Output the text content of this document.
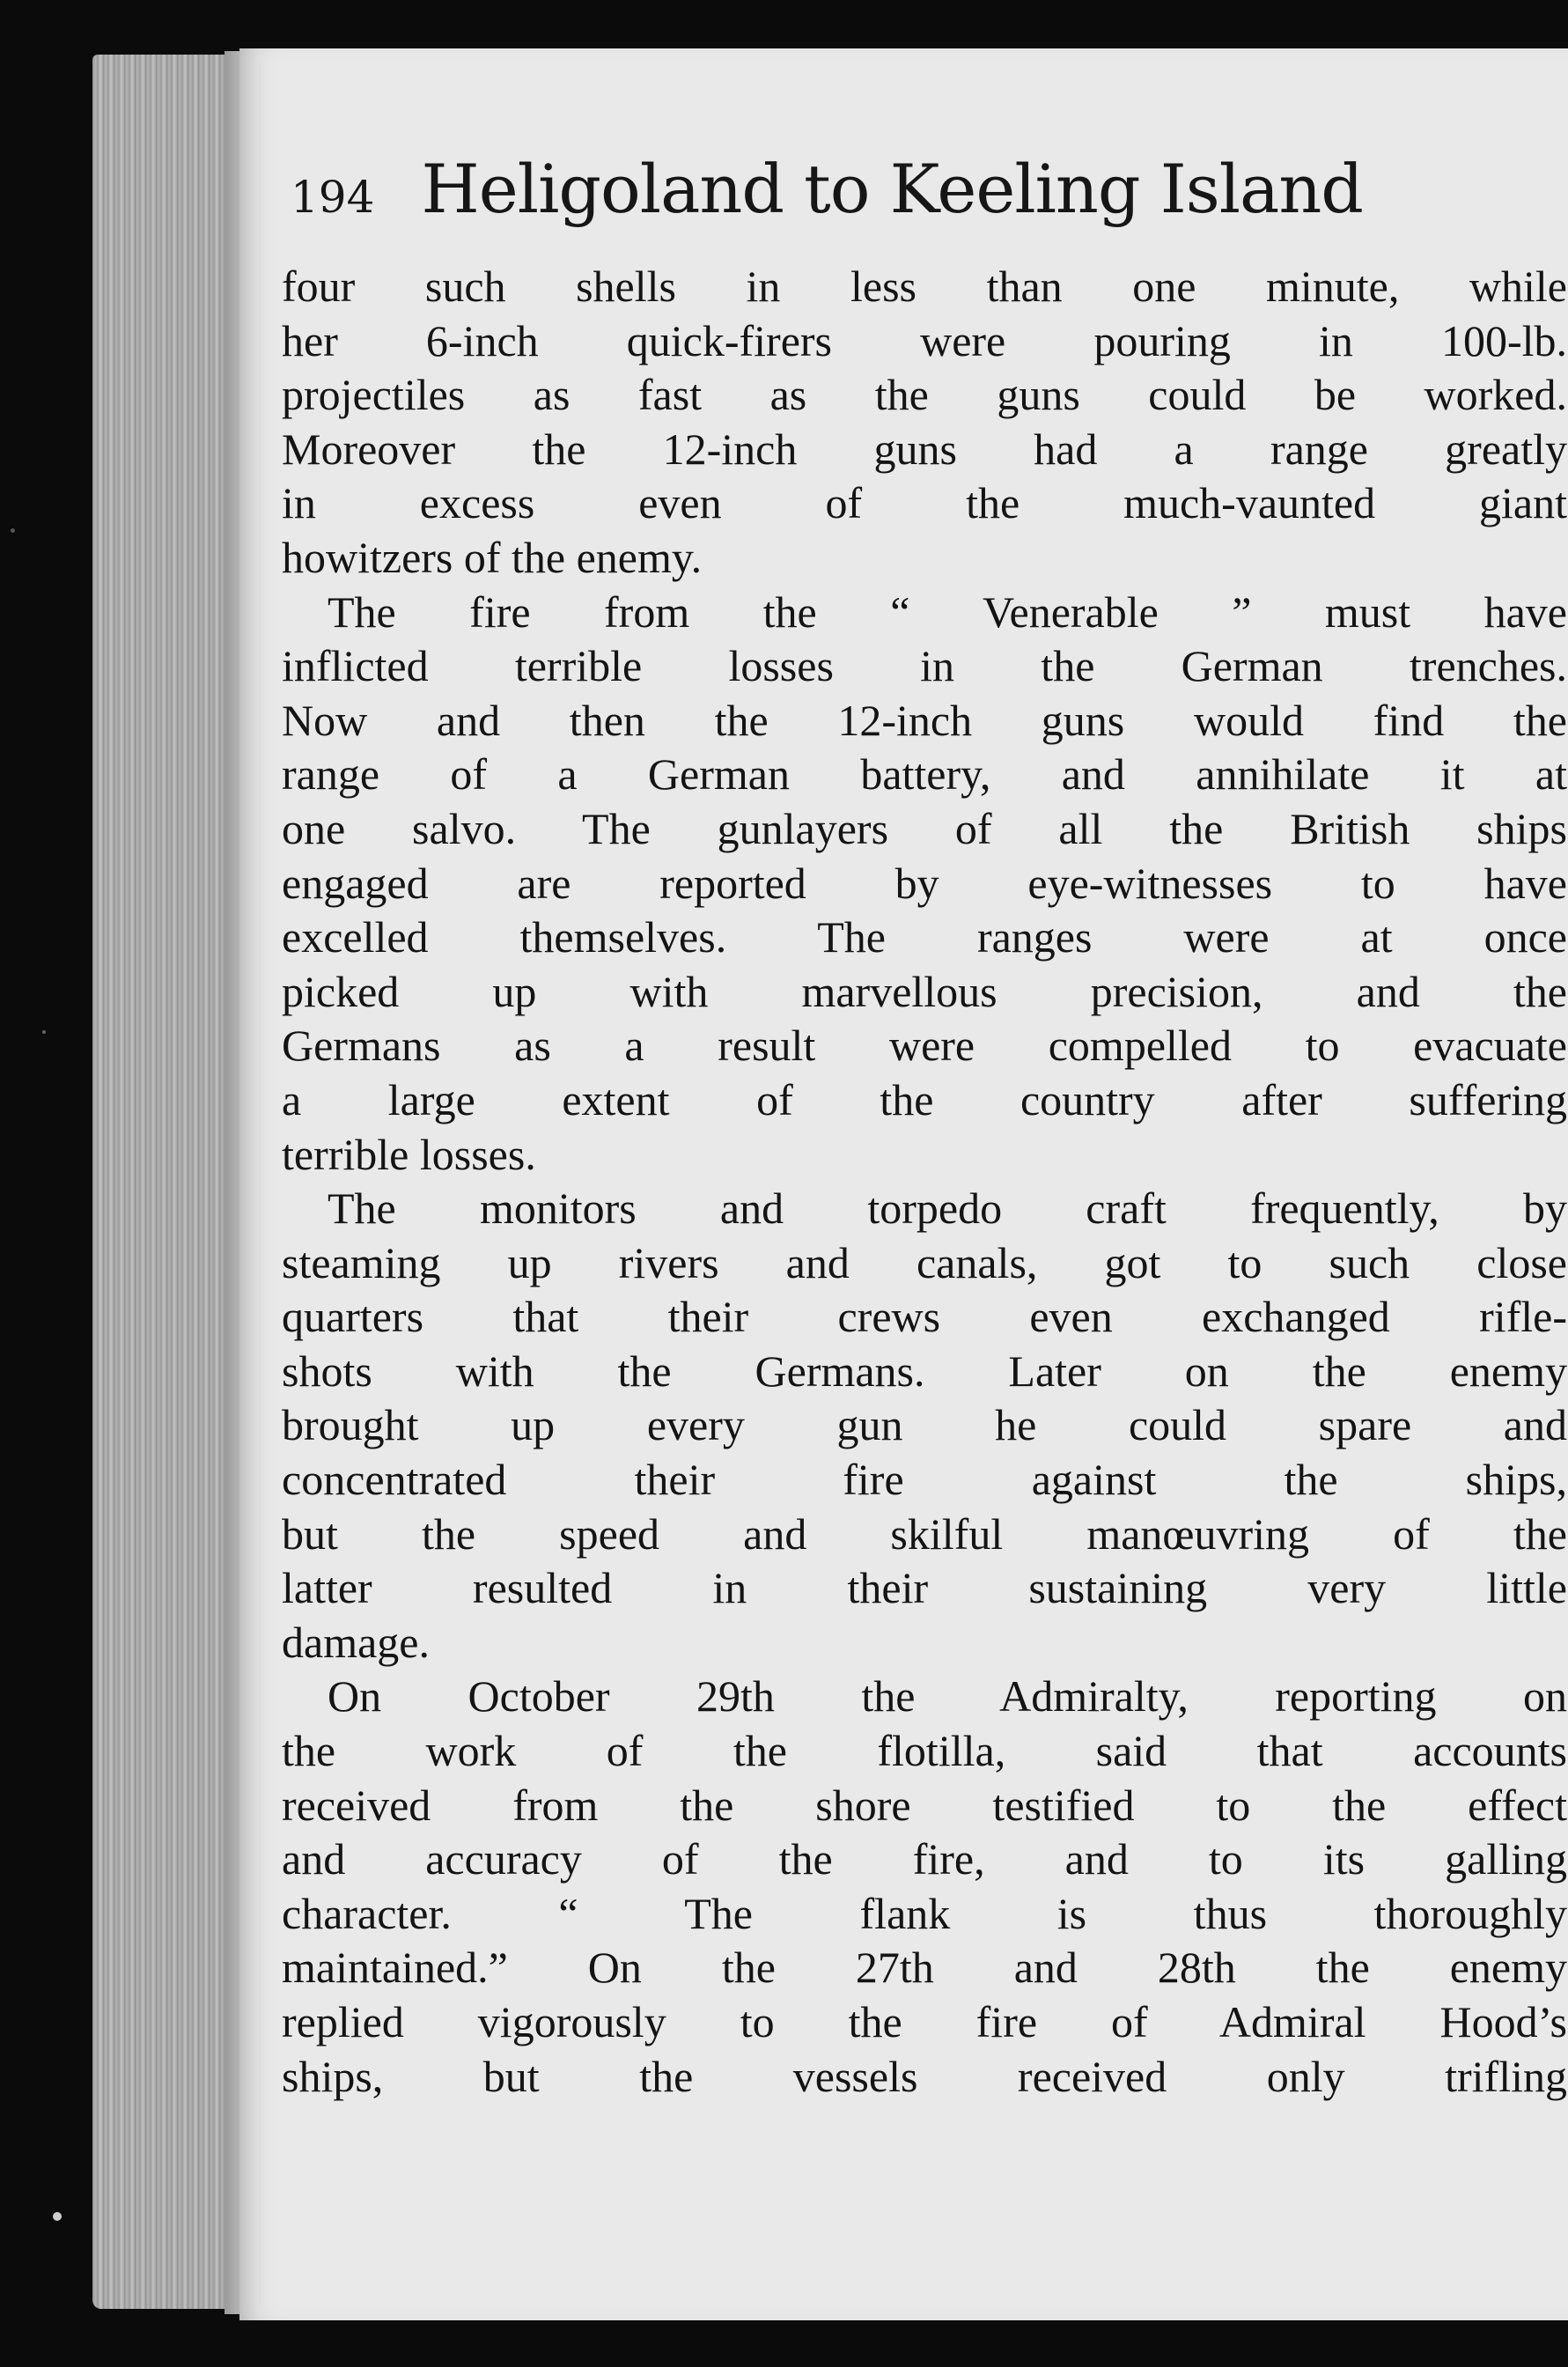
194 Heligoland to Keeling Island
four such shells in less than one minute, while
her 6-inch quick-firers were pouring in 100-lb.
projectiles as fast as the guns could be worked.
Moreover the 12-inch guns had a range greatly
in excess even of the much-vaunted giant
howitzers of the enemy.
The fire from the “ Venerable ” must have
inflicted terrible losses in the German trenches.
Now and then the 12-inch guns would find the
range of a German battery, and annihilate it at
one salvo. The gunlayers of all the British ships
engaged are reported by eye-witnesses to have
excelled themselves. The ranges were at once
picked up with marvellous precision, and the
Germans as a result were compelled to evacuate
a large extent of the country after suffering
terrible losses.
The monitors and torpedo craft frequently, by
steaming up rivers and canals, got to such close
quarters that their crews even exchanged rifle-
shots with the Germans. Later on the enemy
brought up every gun he could spare and
concentrated their fire against the ships,
but the speed and skilful manœuvring of the
latter resulted in their sustaining very little
damage.
On October 29th the Admiralty, reporting on
the work of the flotilla, said that accounts
received from the shore testified to the effect
and accuracy of the fire, and to its galling
character. “ The flank is thus thoroughly
maintained.” On the 27th and 28th the enemy
replied vigorously to the fire of Admiral Hood’s
ships, but the vessels received only trifling
